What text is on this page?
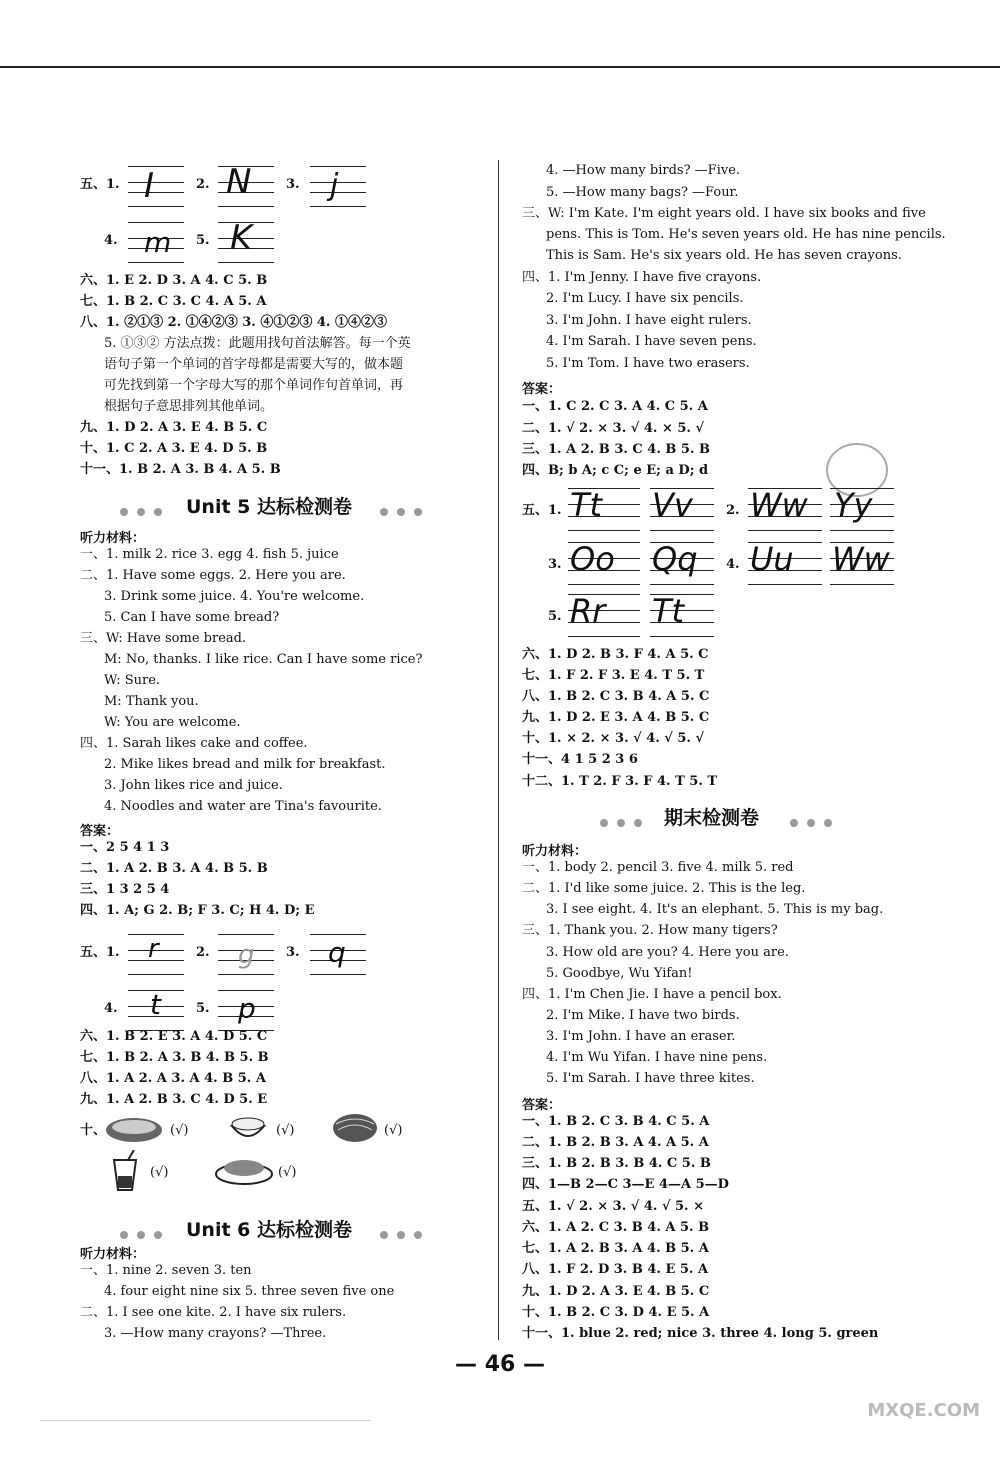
五、1. I	2. N	3. j
4. m 5. K
六、1. E 2. D 3. A 4. C 5. B
七、1. B 2. C 3. C 4. A 5. A
八、1. ②①③ 2. ①④②③ 3. ④①②③ 4. ①④②③
5. ①③② 方法点拨：此题用找句首法解答。每一个英
语句子第一个单词的首字母都是需要大写的，做本题
可先找到第一个字母大写的那个单词作句首单词，再
根据句子意思排列其他单词。
九、1. D 2. A 3. E 4. B 5. C
十、1. C 2. A 3. E 4. D 5. B
十一、1. B 2. A 3. B 4. A 5. B
Unit 5 达标检测卷
听力材料：
一、1. milk 2. rice 3. egg 4. fish 5. juice
二、1. Have some eggs. 2. Here you are.
3. Drink some juice. 4. You're welcome.
5. Can I have some bread?
三、W: Have some bread.
M: No, thanks. I like rice. Can I have some rice?
W: Sure.
M: Thank you.
W: You are welcome.
四、1. Sarah likes cake and coffee.
2. Mike likes bread and milk for breakfast.
3. John likes rice and juice.
4. Noodles and water are Tina's favourite.
答案：
一、2 5 4 1 3
二、1. A 2. B 3. A 4. B 5. B
三、1 3 2 5 4
四、1. A; G 2. B; F 3. C; H 4. D; E
五、1. r	2. g 3. q
4. t	5. p
六、1. B 2. E 3. A 4. D 5. C
七、1. B 2. A 3. B 4. B 5. B
八、1. A 2. A 3. A 4. B 5. A
九、1. A 2. B 3. C 4. D 5. E
十、	(√)	(√)	(√)
(√)	(√)
Unit 6 达标检测卷
听力材料：
一、1. nine 2. seven 3. ten
4. four eight nine six 5. three seven five one
二、1. I see one kite. 2. I have six rulers.
3. —How many crayons? —Three.
4. —How many birds? —Five.
5. —How many bags? —Four.
三、W: I'm Kate. I'm eight years old. I have six books and five
pens. This is Tom. He's seven years old. He has nine pencils.
This is Sam. He's six years old. He has seven crayons.
四、1. I'm Jenny. I have five crayons.
2. I'm Lucy. I have six pencils.
3. I'm John. I have eight rulers.
4. I'm Sarah. I have seven pens.
5. I'm Tom. I have two erasers.
答案：
一、1. C 2. C 3. A 4. C 5. A
二、1. √ 2. × 3. √ 4. × 5. √
三、1. A 2. B 3. C 4. B 5. B
四、B; b A; c C; e E; a D; d
五、1. Tt Vv	2. Ww Yy
3. Oo Qq 4. Uu Ww
5. Rr Tt
六、1. D 2. B 3. F 4. A 5. C
七、1. F 2. F 3. E 4. T 5. T
八、1. B 2. C 3. B 4. A 5. C
九、1. D 2. E 3. A 4. B 5. C
十、1. × 2. × 3. √ 4. √ 5. √
十一、4 1 5 2 3 6
十二、1. T 2. F 3. F 4. T 5. T
期末检测卷
听力材料：
一、1. body 2. pencil 3. five 4. milk 5. red
二、1. I'd like some juice. 2. This is the leg.
3. I see eight. 4. It's an elephant. 5. This is my bag.
三、1. Thank you. 2. How many tigers?
3. How old are you? 4. Here you are.
5. Goodbye, Wu Yifan!
四、1. I'm Chen Jie. I have a pencil box.
2. I'm Mike. I have two birds.
3. I'm John. I have an eraser.
4. I'm Wu Yifan. I have nine pens.
5. I'm Sarah. I have three kites.
答案：
一、1. B 2. C 3. B 4. C 5. A
二、1. B 2. B 3. A 4. A 5. A
三、1. B 2. B 3. B 4. C 5. B
四、1—B 2—C 3—E 4—A 5—D
五、1. √ 2. × 3. √ 4. √ 5. ×
六、1. A 2. C 3. B 4. A 5. B
七、1. A 2. B 3. A 4. B 5. A
八、1. F 2. D 3. B 4. E 5. A
九、1. D 2. A 3. E 4. B 5. C
十、1. B 2. C 3. D 4. E 5. A
十一、1. blue 2. red; nice 3. three 4. long 5. green
— 46 —
MXQE.COM
